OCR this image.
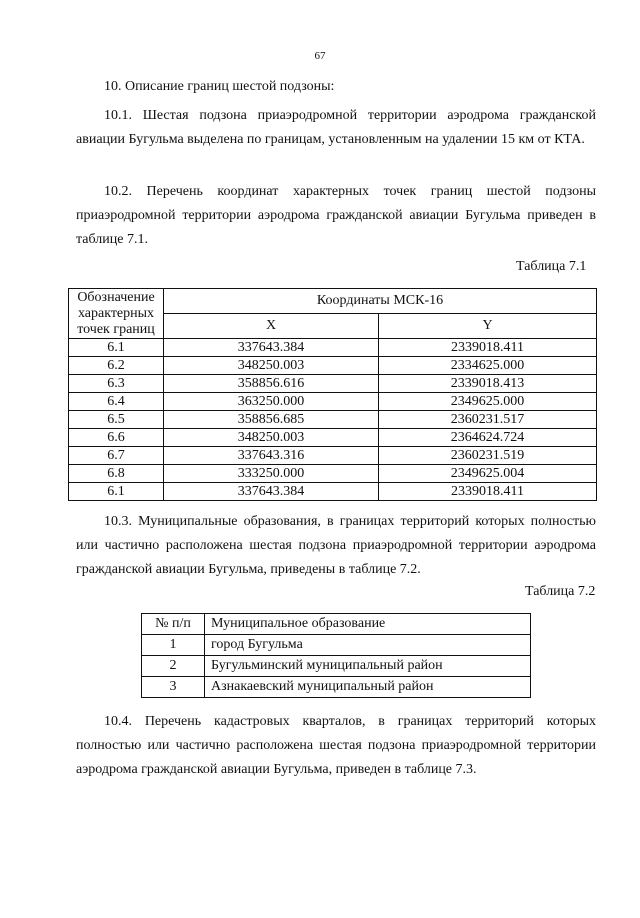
67

10. Описание границ шестой подзоны:

10.1. Шестая подзона приаэродромной территории аэродрома гражданской авиации Бугульма выделена по границам, установленным на удалении 15 км от КТА.

10.2. Перечень координат характерных точек границ шестой подзоны приаэродромной территории аэродрома гражданской авиации Бугульма приведен в таблице 7.1.

Таблица 7.1

Обозначение характерных точек границ	Координаты МСК-16	
	X	Y
6.1	337643.384	2339018.411
6.2	348250.003	2334625.000
6.3	358856.616	2339018.413
6.4	363250.000	2349625.000
6.5	358856.685	2360231.517
6.6	348250.003	2364624.724
6.7	337643.316	2360231.519
6.8	333250.000	2349625.004
6.1	337643.384	2339018.411

10.3. Муниципальные образования, в границах территорий которых полностью или частично расположена шестая подзона приаэродромной территории аэродрома гражданской авиации Бугульма, приведены в таблице 7.2.

Таблица 7.2

№ п/п	Муниципальное образование
1	город Бугульма
2	Бугульминский муниципальный район
3	Азнакаевский муниципальный район

10.4. Перечень кадастровых кварталов, в границах территорий которых полностью или частично расположена шестая подзона приаэродромной территории аэродрома гражданской авиации Бугульма, приведен в таблице 7.3.
